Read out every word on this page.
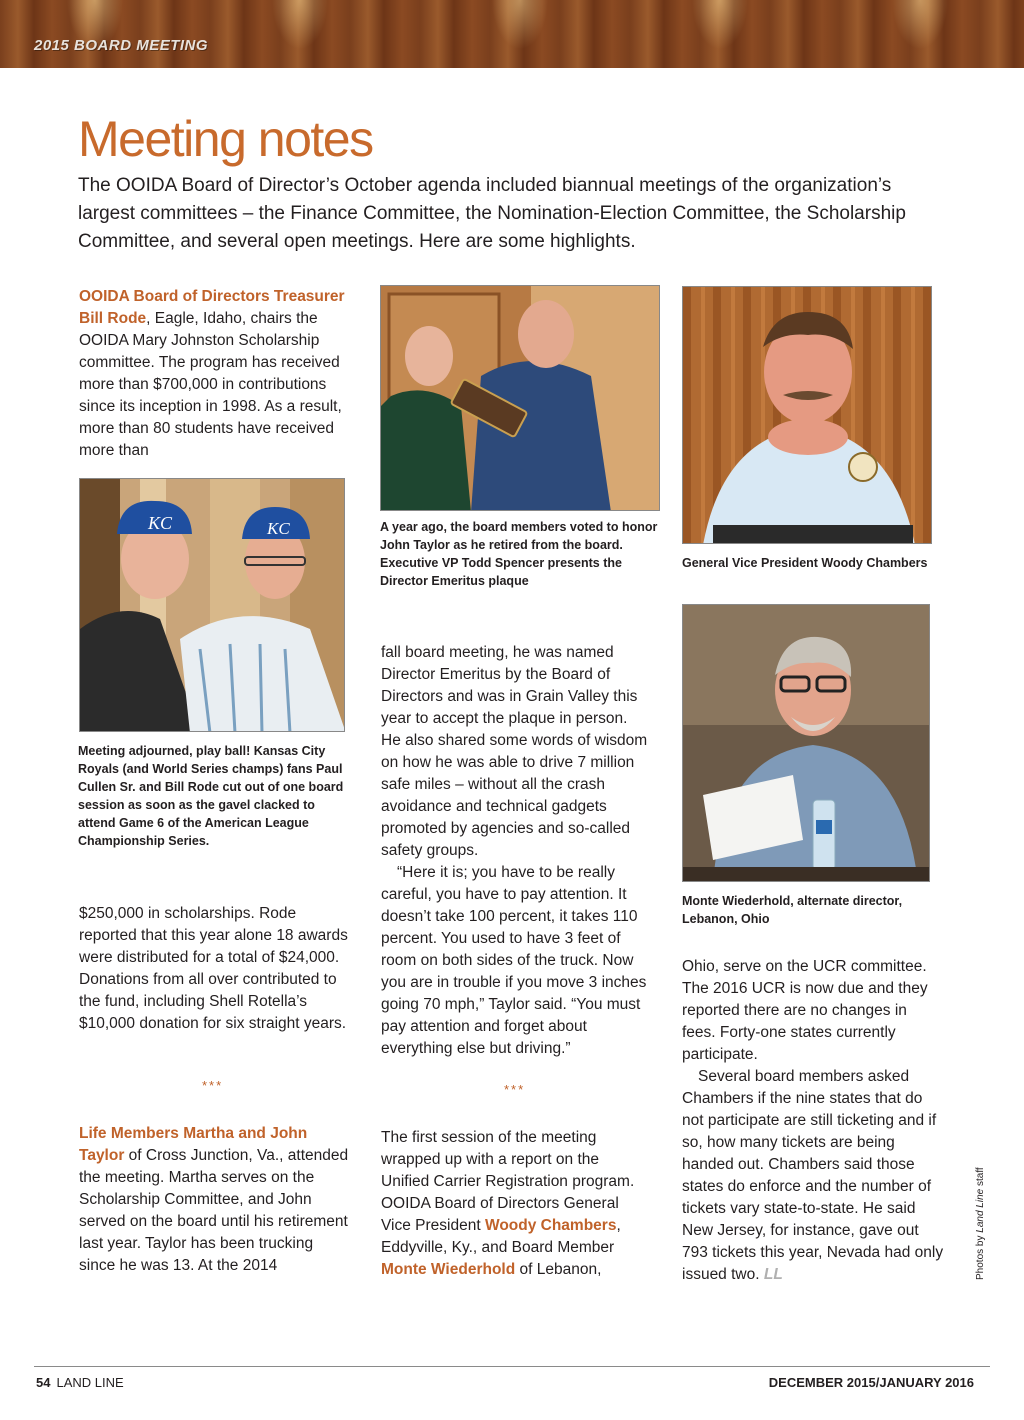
2015 BOARD MEETING
Meeting notes

The OOIDA Board of Director’s October agenda included biannual meetings of the organization’s largest committees – the Finance Committee, the Nomination-Election Committee, the Scholarship Committee, and several open meetings. Here are some highlights.

OOIDA Board of Directors Treasurer Bill Rode, Eagle, Idaho, chairs the OOIDA Mary Johnston Scholarship committee. The program has received more than $700,000 in contributions since its inception in 1998. As a result, more than 80 students have received more than

KC	KC
Meeting adjourned, play ball! Kansas City Royals (and World Series champs) fans Paul Cullen Sr. and Bill Rode cut out of one board session as soon as the gavel clacked to attend Game 6 of the American League Championship Series.

$250,000 in scholarships. Rode reported that this year alone 18 awards were distributed for a total of $24,000. Donations from all over contributed to the fund, including Shell Rotella’s $10,000 donation for six straight years.

***

Life Members Martha and John Taylor of Cross Junction, Va., attended the meeting. Martha serves on the Scholarship Committee, and John served on the board until his retirement last year. Taylor has been trucking since he was 13. At the 2014

A year ago, the board members voted to honor John Taylor as he retired from the board. Executive VP Todd Spencer presents the Director Emeritus plaque

fall board meeting, he was named Director Emeritus by the Board of Directors and was in Grain Valley this year to accept the plaque in person. He also shared some words of wisdom on how he was able to drive 7 million safe miles – without all the crash avoidance and technical gadgets promoted by agencies and so-called safety groups.

“Here it is; you have to be really careful, you have to pay attention. It doesn’t take 100 percent, it takes 110 percent. You used to have 3 feet of room on both sides of the truck. Now you are in trouble if you move 3 inches going 70 mph,” Taylor said. “You must pay attention and forget about everything else but driving.”

***

The first session of the meeting wrapped up with a report on the Unified Carrier Registration program. OOIDA Board of Directors General Vice President Woody Chambers, Eddyville, Ky., and Board Member Monte Wiederhold of Lebanon,

General Vice President Woody Chambers
Monte Wiederhold, alternate director, Lebanon, Ohio

Ohio, serve on the UCR committee. The 2016 UCR is now due and they reported there are no changes in fees. Forty-one states currently participate.

Several board members asked Chambers if the nine states that do not participate are still ticketing and if so, how many tickets are being handed out. Chambers said those states do enforce and the number of tickets vary state-to-state. He said New Jersey, for instance, gave out 793 tickets this year, Nevada had only issued two. LL	Photos by Land Line staff
54 LAND LINE	DECEMBER 2015/JANUARY 2016
